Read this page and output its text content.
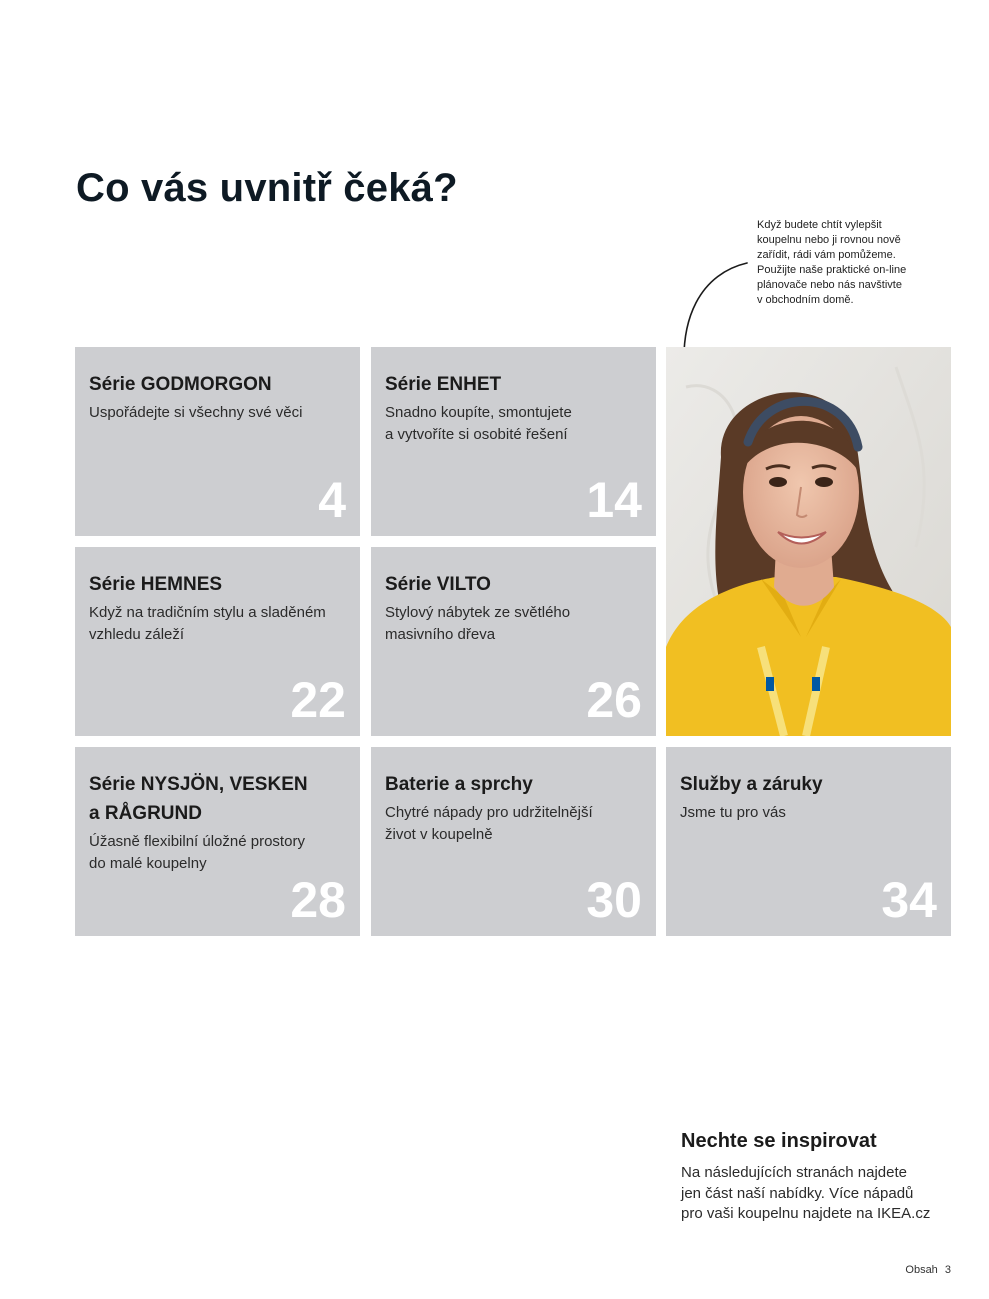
Co vás uvnitř čeká?
Když budete chtít vylepšit
koupelnu nebo ji rovnou nově
zařídit, rádi vám pomůžeme.
Použijte naše praktické on-line
plánovače nebo nás navštivte
v obchodním domě.
Série GODMORGON
Uspořádejte si všechny své věci
4
Série ENHET
Snadno koupíte, smontujete
a vytvoříte si osobité řešení
14
Série HEMNES
Když na tradičním stylu a sladěném
vzhledu záleží
22
Série VILTO
Stylový nábytek ze světlého
masivního dřeva
26
Série NYSJÖN, VESKEN
a RÅGRUND
Úžasně flexibilní úložné prostory
do malé koupelny
28
Baterie a sprchy
Chytré nápady pro udržitelnější
život v koupelně
30
Služby a záruky
Jsme tu pro vás
34
Nechte se inspirovat
Na následujících stranách najdete
jen část naší nabídky. Více nápadů
pro vaši koupelnu najdete na IKEA.cz
Obsah 3
